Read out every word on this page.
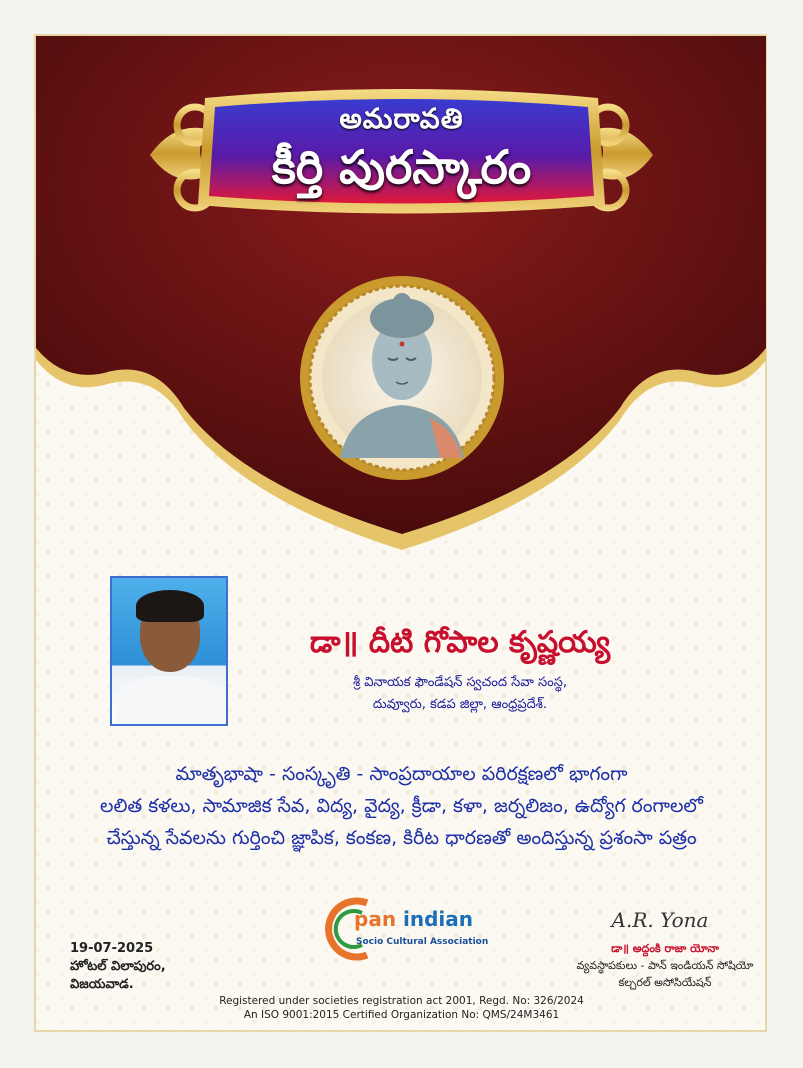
అమరావతి
కీర్తి పురస్కారం
డా॥ దీటి గోపాల కృష్ణయ్య
శ్రీ వినాయక ఫౌండేషన్ స్వచంద సేవా సంస్థ,
దువ్వూరు, కడప జిల్లా, ఆంధ్రప్రదేశ్.
మాతృభాషా - సంస్కృతి - సాంప్రదాయాల పరిరక్షణలో భాగంగా
లలిత కళలు, సామాజిక సేవ, విద్య, వైద్య, క్రీడా, కళా, జర్నలిజం, ఉద్యోగ రంగాలలో
చేస్తున్న సేవలను గుర్తించి జ్ఞాపిక, కంకణ, కిరీట ధారణతో అందిస్తున్న ప్రశంసా పత్రం
19-07-2025
హోటల్ విలాపురం,
విజయవాడ.
pan indian
Socio Cultural Association
A.R. Yona
డా॥ అద్దంకి రాజా యోనా
వ్యవస్థాపకులు - పాన్ ఇండియన్ సోషియో
కల్చరల్ అసోసియేషన్
Registered under societies registration act 2001, Regd. No: 326/2024
An ISO 9001:2015 Certified Organization No: QMS/24M3461
